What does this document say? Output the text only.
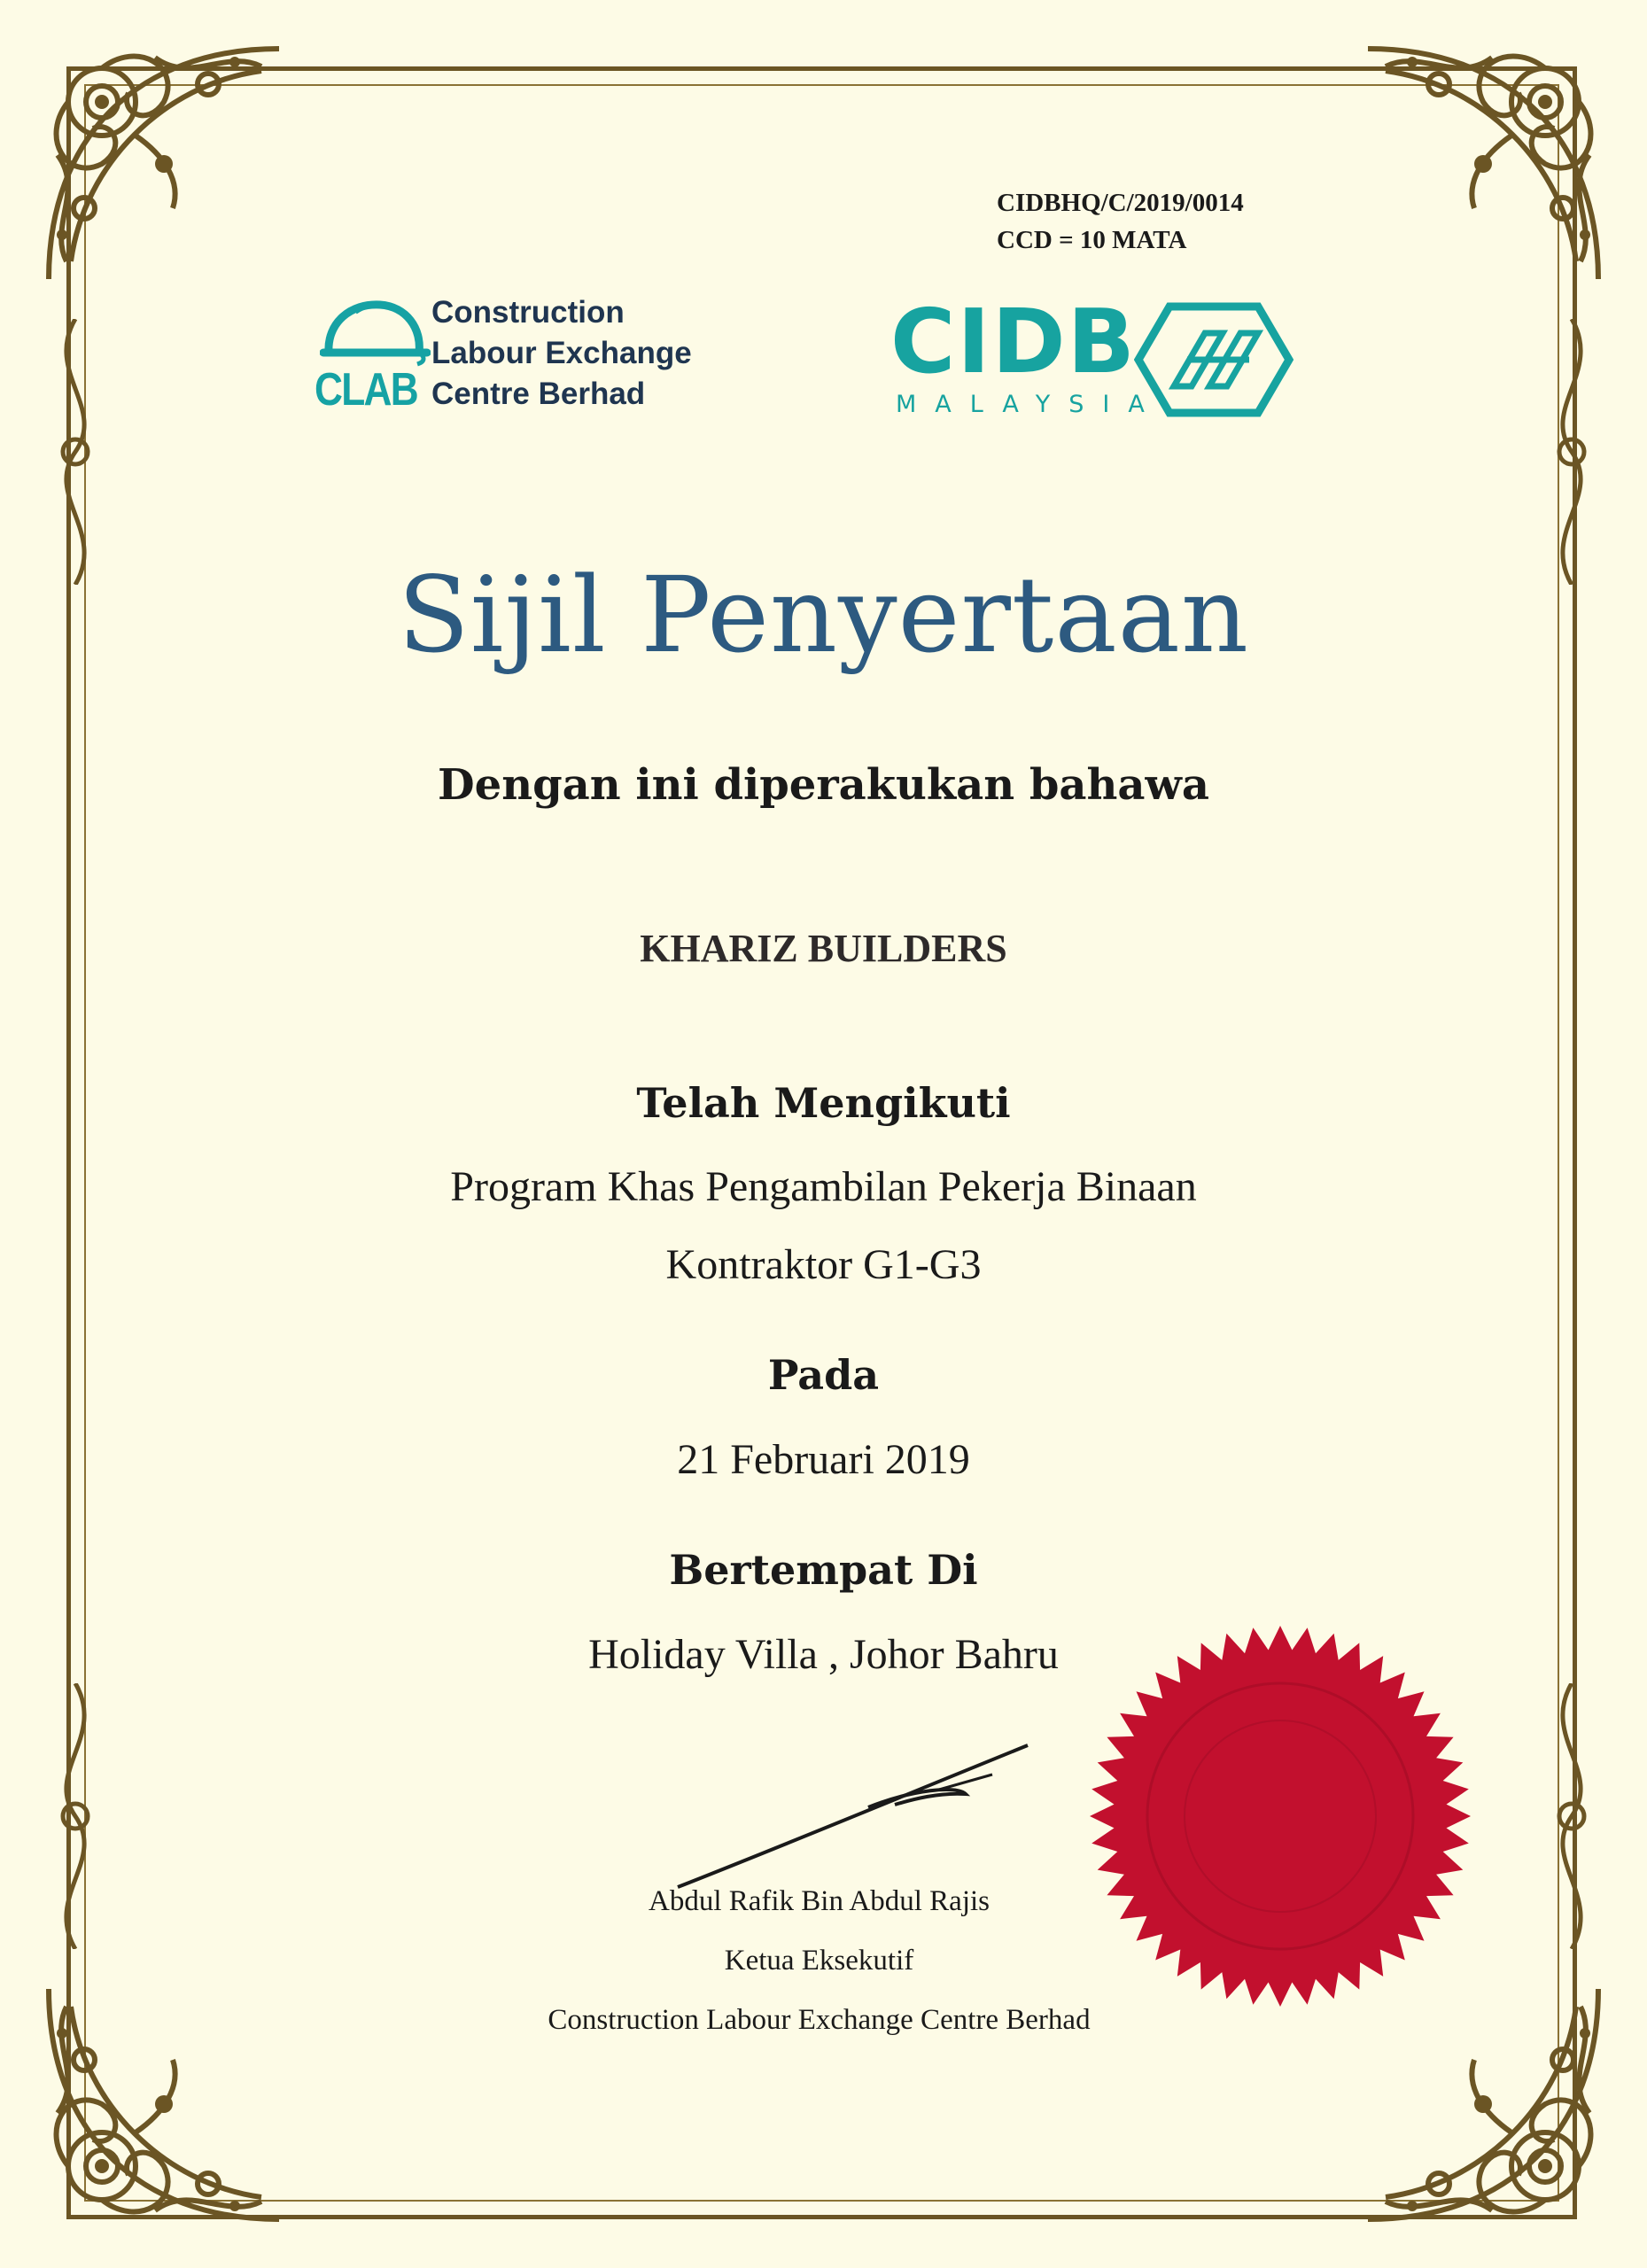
CIDBHQ/C/2019/0014
CCD = 10 MATA
CLAB
Construction
Labour Exchange
Centre Berhad
CIDB
MALAYSIA
Sijil Penyertaan
Dengan ini diperakukan bahawa
KHARIZ BUILDERS
Telah Mengikuti
Program Khas Pengambilan Pekerja Binaan
Kontraktor G1-G3
Pada
21 Februari 2019
Bertempat Di
Holiday Villa , Johor Bahru
Abdul Rafik Bin Abdul Rajis
Ketua Eksekutif
Construction Labour Exchange Centre Berhad
